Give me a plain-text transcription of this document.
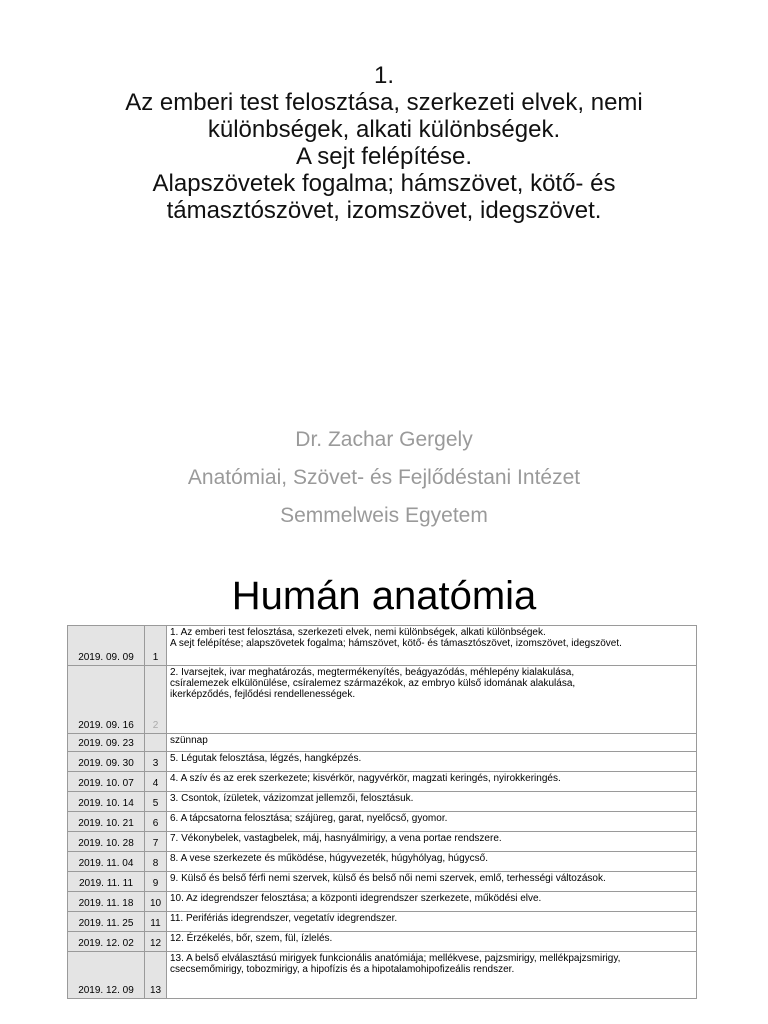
1.
Az emberi test felosztása, szerkezeti elvek, nemi
különbségek, alkati különbségek.
A sejt felépítése.
Alapszövetek fogalma; hámszövet, kötő- és
támasztószövet, izomszövet, idegszövet.
Dr. Zachar Gergely
Anatómiai, Szövet- és Fejlődéstani Intézet
Semmelweis Egyetem
Humán anatómia
2019. 09. 09	1	1. Az emberi test felosztása, szerkezeti elvek, nemi különbségek, alkati különbségek.
A sejt felépítése; alapszövetek fogalma; hámszövet, kötő- és támasztószövet, izomszövet, idegszövet.
2019. 09. 16	2	2. Ivarsejtek, ivar meghatározás, megtermékenyítés, beágyazódás, méhlepény kialakulása,
csíralemezek elkülönülése, csíralemez származékok, az embryo külső idomának alakulása,
ikerképződés, fejlődési rendellenességek.
2019. 09. 23		szünnap
2019. 09. 30	3	5. Légutak felosztása, légzés, hangképzés.
2019. 10. 07	4	4. A szív és az erek szerkezete; kisvérkör, nagyvérkör, magzati keringés, nyirokkeringés.
2019. 10. 14	5	3. Csontok, ízületek, vázizomzat jellemzői, felosztásuk.
2019. 10. 21	6	6. A tápcsatorna felosztása; szájüreg, garat, nyelőcső, gyomor.
2019. 10. 28	7	7. Vékonybelek, vastagbelek, máj, hasnyálmirigy, a vena portae rendszere.
2019. 11. 04	8	8. A vese szerkezete és működése, húgyvezeték, húgyhólyag, húgycső.
2019. 11. 11	9	9. Külső és belső férfi nemi szervek, külső és belső női nemi szervek, emlő, terhességi változások.
2019. 11. 18	10	10. Az idegrendszer felosztása; a központi idegrendszer szerkezete, működési elve.
2019. 11. 25	11	11. Perifériás idegrendszer, vegetatív idegrendszer.
2019. 12. 02	12	12. Érzékelés, bőr, szem, fül, ízlelés.
2019. 12. 09	13	13. A belső elválasztású mirigyek funkcionális anatómiája; mellékvese, pajzsmirigy, mellékpajzsmirigy,
csecsemőmirigy, tobozmirigy, a hipofízis és a hipotalamohipofizeális rendszer.
